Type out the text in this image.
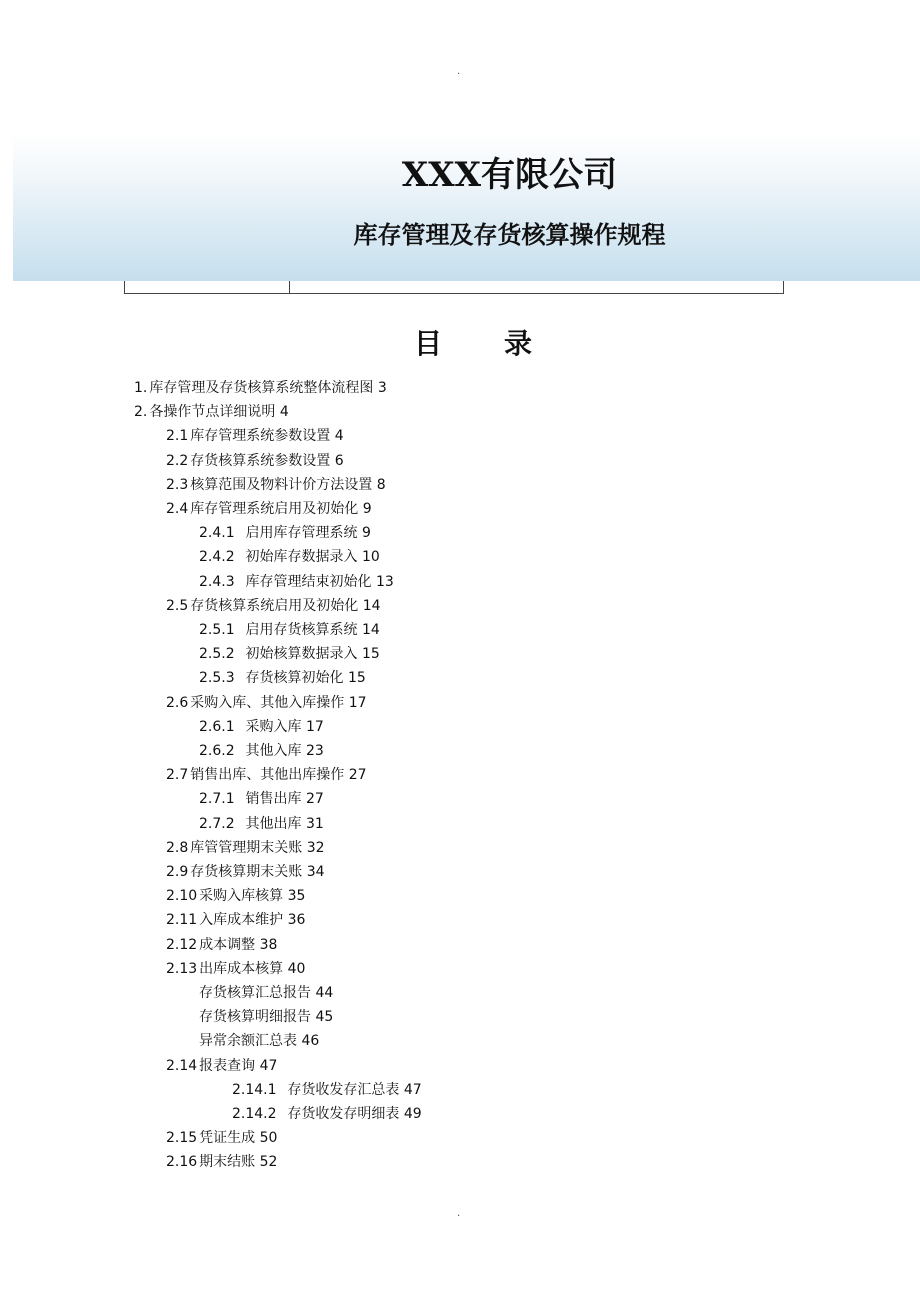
.
XXX有限公司
库存管理及存货核算操作规程
目录
1. 库存管理及存货核算系统整体流程图 3
2. 各操作节点详细说明 4
2.1 库存管理系统参数设置 4
2.2 存货核算系统参数设置 6
2.3 核算范围及物料计价方法设置 8
2.4 库存管理系统启用及初始化 9
2.4.1 启用库存管理系统 9
2.4.2 初始库存数据录入 10
2.4.3 库存管理结束初始化 13
2.5 存货核算系统启用及初始化 14
2.5.1 启用存货核算系统 14
2.5.2 初始核算数据录入 15
2.5.3 存货核算初始化 15
2.6 采购入库、其他入库操作 17
2.6.1 采购入库 17
2.6.2 其他入库 23
2.7 销售出库、其他出库操作 27
2.7.1 销售出库 27
2.7.2 其他出库 31
2.8 库管管理期末关账 32
2.9 存货核算期末关账 34
2.10 采购入库核算 35
2.11 入库成本维护 36
2.12 成本调整 38
2.13 出库成本核算 40
存货核算汇总报告 44
存货核算明细报告 45
异常余额汇总表 46
2.14 报表查询 47
2.14.1 存货收发存汇总表 47
2.14.2 存货收发存明细表 49
2.15 凭证生成 50
2.16 期末结账 52
.
